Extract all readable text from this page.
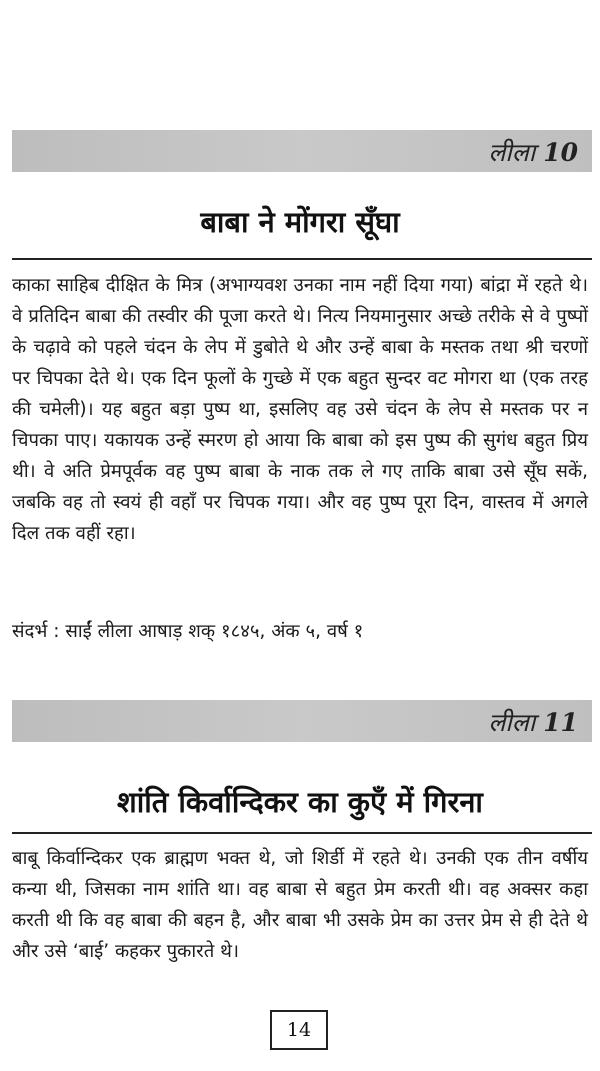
लीला 10
बाबा ने मोंगरा सूँघा

काका साहिब दीक्षित के मित्र (अभाग्यवश उनका नाम नहीं दिया गया) बांद्रा में रहते थे। वे प्रतिदिन बाबा की तस्वीर की पूजा करते थे। नित्य नियमानुसार अच्छे तरीके से वे पुष्पों के चढ़ावे को पहले चंदन के लेप में डुबोते थे और उन्हें बाबा के मस्तक तथा श्री चरणों पर चिपका देते थे। एक दिन फूलों के गुच्छे में एक बहुत सुन्दर वट मोगरा था (एक तरह की चमेली)। यह बहुत बड़ा पुष्प था, इसलिए वह उसे चंदन के लेप से मस्तक पर न चिपका पाए। यकायक उन्हें स्मरण हो आया कि बाबा को इस पुष्प की सुगंध बहुत प्रिय थी। वे अति प्रेमपूर्वक वह पुष्प बाबा के नाक तक ले गए ताकि बाबा उसे सूँघ सकें, जबकि वह तो स्वयं ही वहाँ पर चिपक गया। और वह पुष्प पूरा दिन, वास्तव में अगले दिल तक वहीं रहा।

संदर्भ : साईं लीला आषाड़ शक् १८४५, अंक ५, वर्ष १

लीला 11
शांति किर्वान्दिकर का कुएँ में गिरना

बाबू किर्वान्दिकर एक ब्राह्मण भक्त थे, जो शिर्डी में रहते थे। उनकी एक तीन वर्षीय कन्या थी, जिसका नाम शांति था। वह बाबा से बहुत प्रेम करती थी। वह अक्सर कहा करती थी कि वह बाबा की बहन है, और बाबा भी उसके प्रेम का उत्तर प्रेम से ही देते थे और उसे ‘बाई’ कहकर पुकारते थे।

14
